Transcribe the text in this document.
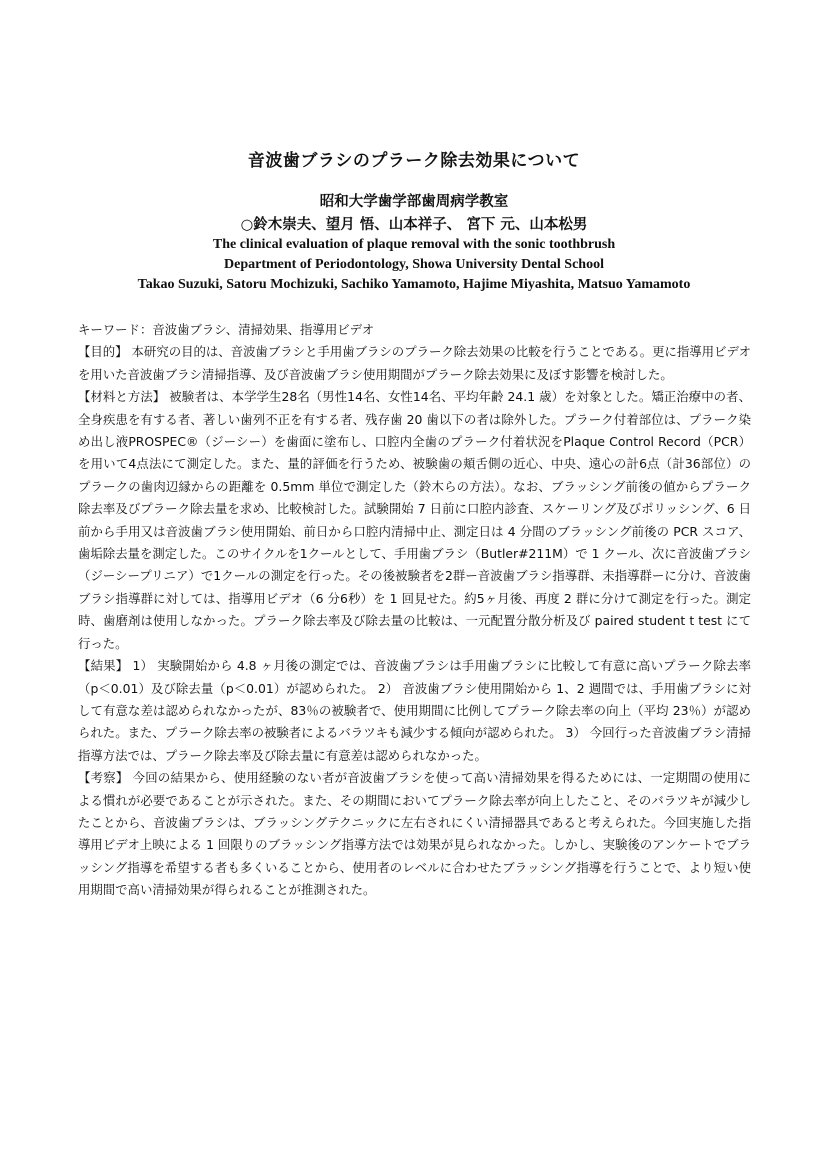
音波歯ブラシのプラーク除去効果について
昭和大学歯学部歯周病学教室
○鈴木崇夫、望月 悟、山本祥子、 宮下 元、山本松男
The clinical evaluation of plaque removal with the sonic toothbrush
Department of Periodontology, Showa University Dental School
Takao Suzuki, Satoru Mochizuki, Sachiko Yamamoto, Hajime Miyashita, Matsuo Yamamoto

キーワード：音波歯ブラシ、清掃効果、指導用ビデオ

【目的】 本研究の目的は、音波歯ブラシと手用歯ブラシのプラーク除去効果の比較を行うことである。更に指導用ビデオを用いた音波歯ブラシ清掃指導、及び音波歯ブラシ使用期間がプラーク除去効果に及ぼす影響を検討した。

【材料と方法】 被験者は、本学学生28名（男性14名、女性14名、平均年齢 24.1 歳）を対象とした。矯正治療中の者、全身疾患を有する者、著しい歯列不正を有する者、残存歯 20 歯以下の者は除外した。プラーク付着部位は、プラーク染め出し液PROSPEC®（ジーシー）を歯面に塗布し、口腔内全歯のプラーク付着状況をPlaque Control Record（PCR）を用いて4点法にて測定した。また、量的評価を行うため、被験歯の頬舌側の近心、中央、遠心の計6点（計36部位）のプラークの歯肉辺縁からの距離を 0.5mm 単位で測定した（鈴木らの方法）。なお、ブラッシング前後の値からプラーク除去率及びプラーク除去量を求め、比較検討した。試験開始 7 日前に口腔内診査、スケーリング及びポリッシング、6 日前から手用又は音波歯ブラシ使用開始、前日から口腔内清掃中止、測定日は 4 分間のブラッシング前後の PCR スコア、歯垢除去量を測定した。このサイクルを1クールとして、手用歯ブラシ（Butler#211M）で 1 クール、次に音波歯ブラシ（ジーシープリニア）で1クールの測定を行った。その後被験者を2群ー音波歯ブラシ指導群、未指導群ーに分け、音波歯ブラシ指導群に対しては、指導用ビデオ（6 分6秒）を 1 回見せた。約5ヶ月後、再度 2 群に分けて測定を行った。測定時、歯磨剤は使用しなかった。プラーク除去率及び除去量の比較は、一元配置分散分析及び paired student t test にて行った。

【結果】 1） 実験開始から 4.8 ヶ月後の測定では、音波歯ブラシは手用歯ブラシに比較して有意に高いプラーク除去率（p＜0.01）及び除去量（p＜0.01）が認められた。 2） 音波歯ブラシ使用開始から 1、2 週間では、手用歯ブラシに対して有意な差は認められなかったが、83％の被験者で、使用期間に比例してプラーク除去率の向上（平均 23％）が認められた。また、プラーク除去率の被験者によるバラツキも減少する傾向が認められた。 3） 今回行った音波歯ブラシ清掃指導方法では、プラーク除去率及び除去量に有意差は認められなかった。

【考察】 今回の結果から、使用経験のない者が音波歯ブラシを使って高い清掃効果を得るためには、一定期間の使用による慣れが必要であることが示された。また、その期間においてプラーク除去率が向上したこと、そのバラツキが減少したことから、音波歯ブラシは、ブラッシングテクニックに左右されにくい清掃器具であると考えられた。今回実施した指導用ビデオ上映による 1 回限りのブラッシング指導方法では効果が見られなかった。しかし、実験後のアンケートでブラッシング指導を希望する者も多くいることから、使用者のレベルに合わせたブラッシング指導を行うことで、より短い使用期間で高い清掃効果が得られることが推測された。
